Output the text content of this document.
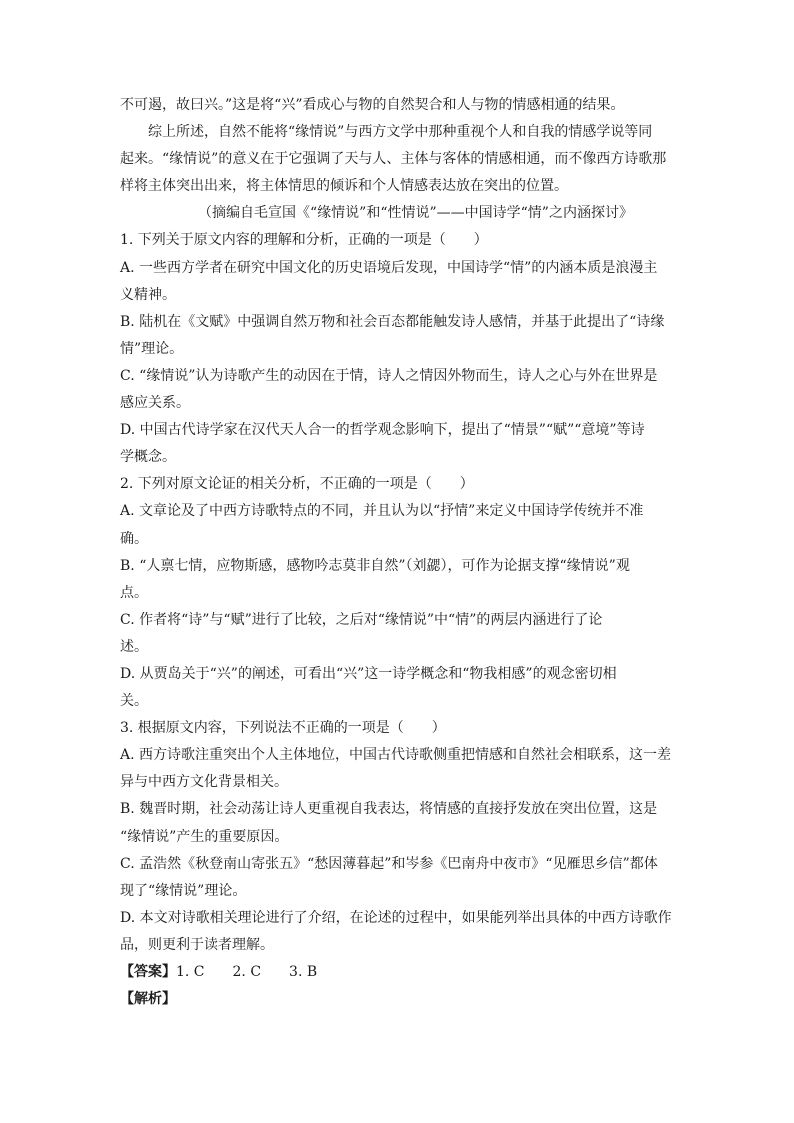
不可遏，故曰兴。”这是将“兴”看成心与物的自然契合和人与物的情感相通的结果。
综上所述，自然不能将“缘情说”与西方文学中那种重视个人和自我的情感学说等同
起来。“缘情说”的意义在于它强调了天与人、主体与客体的情感相通，而不像西方诗歌那
样将主体突出出来，将主体情思的倾诉和个人情感表达放在突出的位置。
（摘编自毛宣国《“缘情说”和“性情说”——中国诗学“情”之内涵探讨》
1. 下列关于原文内容的理解和分析，正确的一项是（　　）
A. 一些西方学者在研究中国文化的历史语境后发现，中国诗学“情”的内涵本质是浪漫主
义精神。
B. 陆机在《文赋》中强调自然万物和社会百态都能触发诗人感情，并基于此提出了“诗缘
情”理论。
C. “缘情说”认为诗歌产生的动因在于情，诗人之情因外物而生，诗人之心与外在世界是
感应关系。
D. 中国古代诗学家在汉代天人合一的哲学观念影响下，提出了“情景”“赋”“意境”等诗
学概念。
2. 下列对原文论证的相关分析，不正确的一项是（　　）
A. 文章论及了中西方诗歌特点的不同，并且认为以“抒情”来定义中国诗学传统并不准
确。
B. “人禀七情，应物斯感，感物吟志莫非自然”（刘勰），可作为论据支撑“缘情说”观
点。
C. 作者将“诗”与“赋”进行了比较，之后对“缘情说”中“情”的两层内涵进行了论
述。
D. 从贾岛关于“兴”的阐述，可看出“兴”这一诗学概念和“物我相感”的观念密切相
关。
3. 根据原文内容，下列说法不正确的一项是（　　）
A. 西方诗歌注重突出个人主体地位，中国古代诗歌侧重把情感和自然社会相联系，这一差
异与中西方文化背景相关。
B. 魏晋时期，社会动荡让诗人更重视自我表达，将情感的直接抒发放在突出位置，这是
“缘情说”产生的重要原因。
C. 孟浩然《秋登南山寄张五》“愁因薄暮起”和岑参《巴南舟中夜市》“见雁思乡信”都体
现了“缘情说”理论。
D. 本文对诗歌相关理论进行了介绍，在论述的过程中，如果能列举出具体的中西方诗歌作
品，则更利于读者理解。
【答案】1. C　　2. C　　3. B
【解析】
